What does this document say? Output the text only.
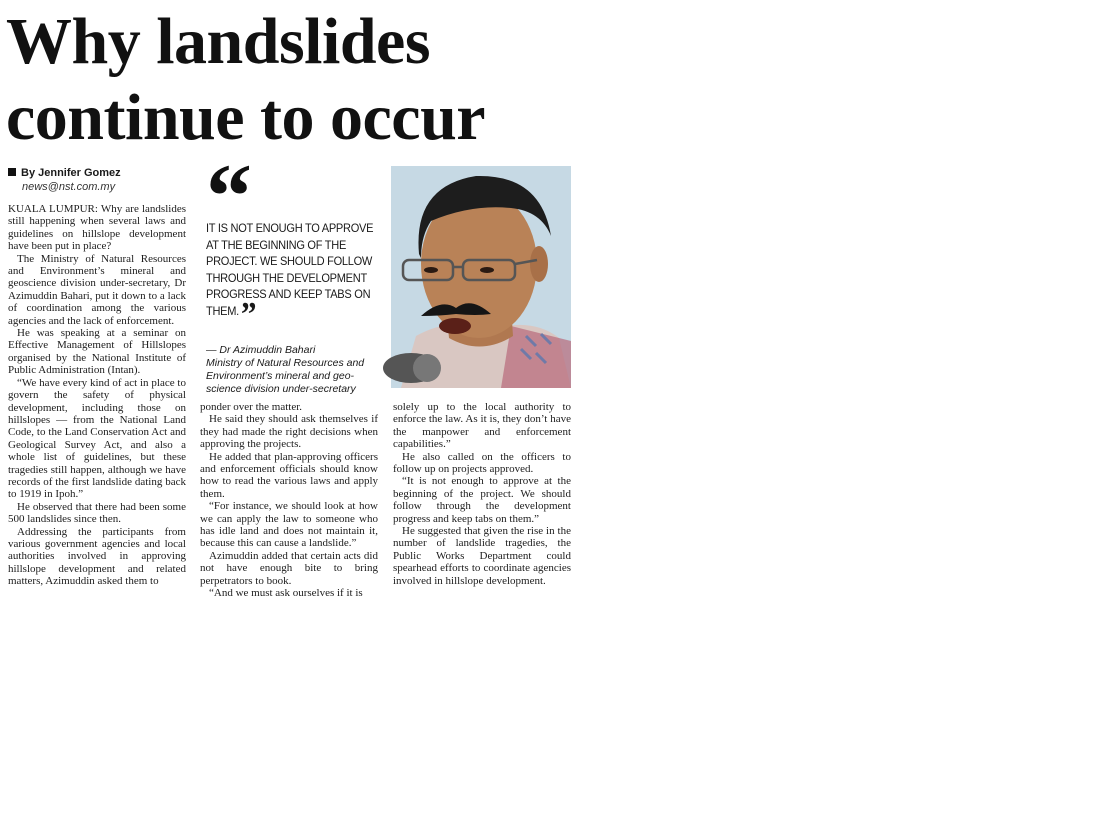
Why landslides
continue to occur
By Jennifer Gomez
news@nst.com.my

KUALA LUMPUR: Why are landslides still happening when several laws and guidelines on hillslope development have been put in place?

The Ministry of Natural Resources and Environment’s mineral and geoscience division under-secretary, Dr Azimuddin Bahari, put it down to a lack of coordination among the various agencies and the lack of enforcement.

He was speaking at a seminar on Effective Management of Hillslopes organised by the National Institute of Public Administration (Intan).

“We have every kind of act in place to govern the safety of physical development, including those on hillslopes — from the National Land Code, to the Land Conservation Act and Geological Survey Act, and also a whole list of guidelines, but these tragedies still happen, although we have records of the first landslide dating back to 1919 in Ipoh.”

He observed that there had been some 500 landslides since then.

Addressing the participants from various government agencies and local authorities involved in approving hillslope development and related matters, Azimuddin asked them to

“
IT IS NOT ENOUGH TO APPROVE AT THE BEGINNING OF THE PROJECT. WE SHOULD FOLLOW THROUGH THE DEVELOPMENT PROGRESS AND KEEP TABS ON THEM.”
— Dr Azimuddin Bahari
Ministry of Natural Resources and Environment’s mineral and geo-science division under-secretary

ponder over the matter.

He said they should ask themselves if they had made the right decisions when approving the projects.

He added that plan-approving officers and enforcement officials should know how to read the various laws and apply them.

“For instance, we should look at how we can apply the law to someone who has idle land and does not maintain it, because this can cause a landslide.”

Azimuddin added that certain acts did not have enough bite to bring perpetrators to book.

“And we must ask ourselves if it is

solely up to the local authority to enforce the law. As it is, they don’t have the manpower and enforcement capabilities.”

He also called on the officers to follow up on projects approved.

“It is not enough to approve at the beginning of the project. We should follow through the development progress and keep tabs on them.”

He suggested that given the rise in the number of landslide tragedies, the Public Works Department could spearhead efforts to coordinate agencies involved in hillslope development.
